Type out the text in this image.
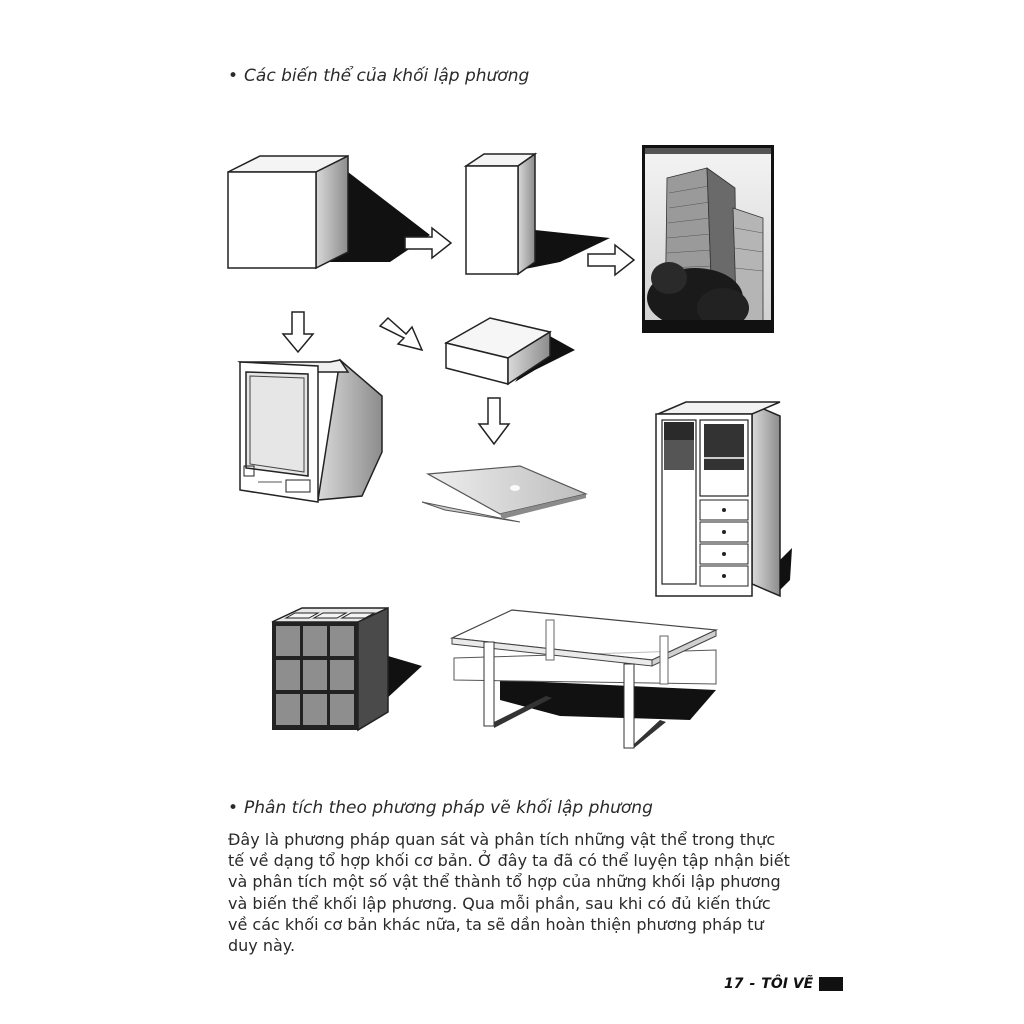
• Các biến thể của khối lập phương
• Phân tích theo phương pháp vẽ khối lập phương
Đây là phương pháp quan sát và phân tích những vật thể trong thực tế về dạng tổ hợp khối cơ bản. Ở đây ta đã có thể luyện tập nhận biết và phân tích một số vật thể thành tổ hợp của những khối lập phương và biến thể khối lập phương. Qua mỗi phần, sau khi có đủ kiến thức về các khối cơ bản khác nữa, ta sẽ dần hoàn thiện phương pháp tư duy này.
17 - TÔI VẼ
